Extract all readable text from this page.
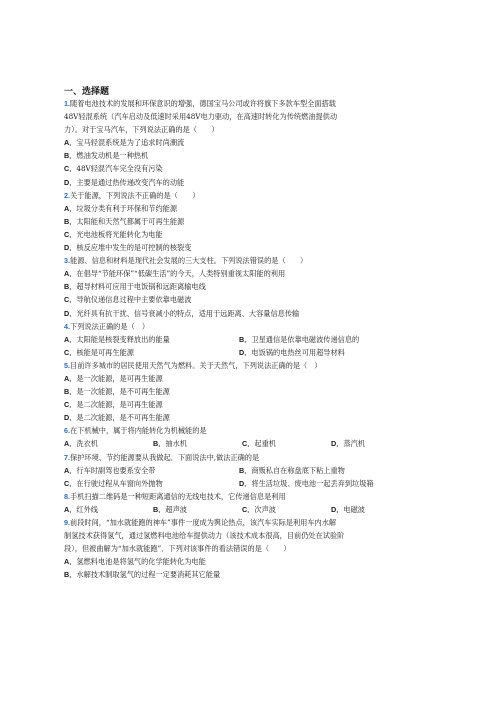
一、选择题
1.随着电池技术的发展和环保意识的增强，德国宝马公司或许将旗下多款车型全面搭载
48V轻混系统（汽车启动及低速时采用48V电力驱动，在高速时转化为传统燃油提供动
力）。对于宝马汽车，下列说法正确的是（　　）
A．宝马轻混系统是为了追求时尚潮流
B．燃油发动机是一种热机
C．48V轻混汽车完全没有污染
D．主要是通过热传递改变汽车的动能
2.关于能源，下列说法不正确的是（　　）
A．垃圾分类有利于环保和节约能源
B．太阳能和天然气都属于可再生能源
C．光电池板将光能转化为电能
D．核反应堆中发生的是可控制的核裂变
3.能源、信息和材料是现代社会发展的三大支柱。下列说法错误的是（　　）
A．在倡导“节能环保”“低碳生活”的今天，人类特别重视太阳能的利用
B．超导材料可应用于电饭锅和远距离输电线
C．导航仪递信息过程中主要依靠电磁波
D．光纤具有抗干扰、信号衰减小的特点，适用于远距离、大容量信息传输
4.下列说法正确的是（　）
A．太阳能是核裂变释放出的能量	B．卫星通信是依靠电磁波传递信息的
C．核能是可再生能源	D．电饭锅的电热丝可用超导材料
5.目前许多城市的居民使用天然气为燃料。关于天然气，下列说法正确的是（　）
A．是一次能源，是可再生能源
B．是一次能源，是不可再生能源
C．是二次能源，是可再生能源
D．是二次能源，是不可再生能源
6.在下机械中，属于将内能转化为机械能的是
A．洗衣机	B．抽水机	C．起重机	D．蒸汽机
7.保护环境、节约能源要从我做起．下面说法中,做法正确的是
A．行车时副驾也要系安全带	B．商贩私自在称盘底下粘上重物
C．在行驶过程从车窗向外抛物	D．将生活垃圾、废电池一起丢弃到垃圾箱
8.手机扫描二维码是一种短距离通信的无线电技术，它传递信息是利用
A．红外线	B．超声波	C．次声波	D．电磁波
9.前段时间，“加水就能跑的神车”事件一度成为舆论热点，该汽车实际是利用车内水解
制氢技术获得氢气，通过氢燃料电池给车提供动力（该技术成本很高，目前仍处在试验阶
段），但被曲解为“加水就能跑”．下列对该事件的看法错误的是（　　）
A．氢燃料电池是将氢气的化学能转化为电能
B．水解技术制取氢气的过程一定要消耗其它能量
